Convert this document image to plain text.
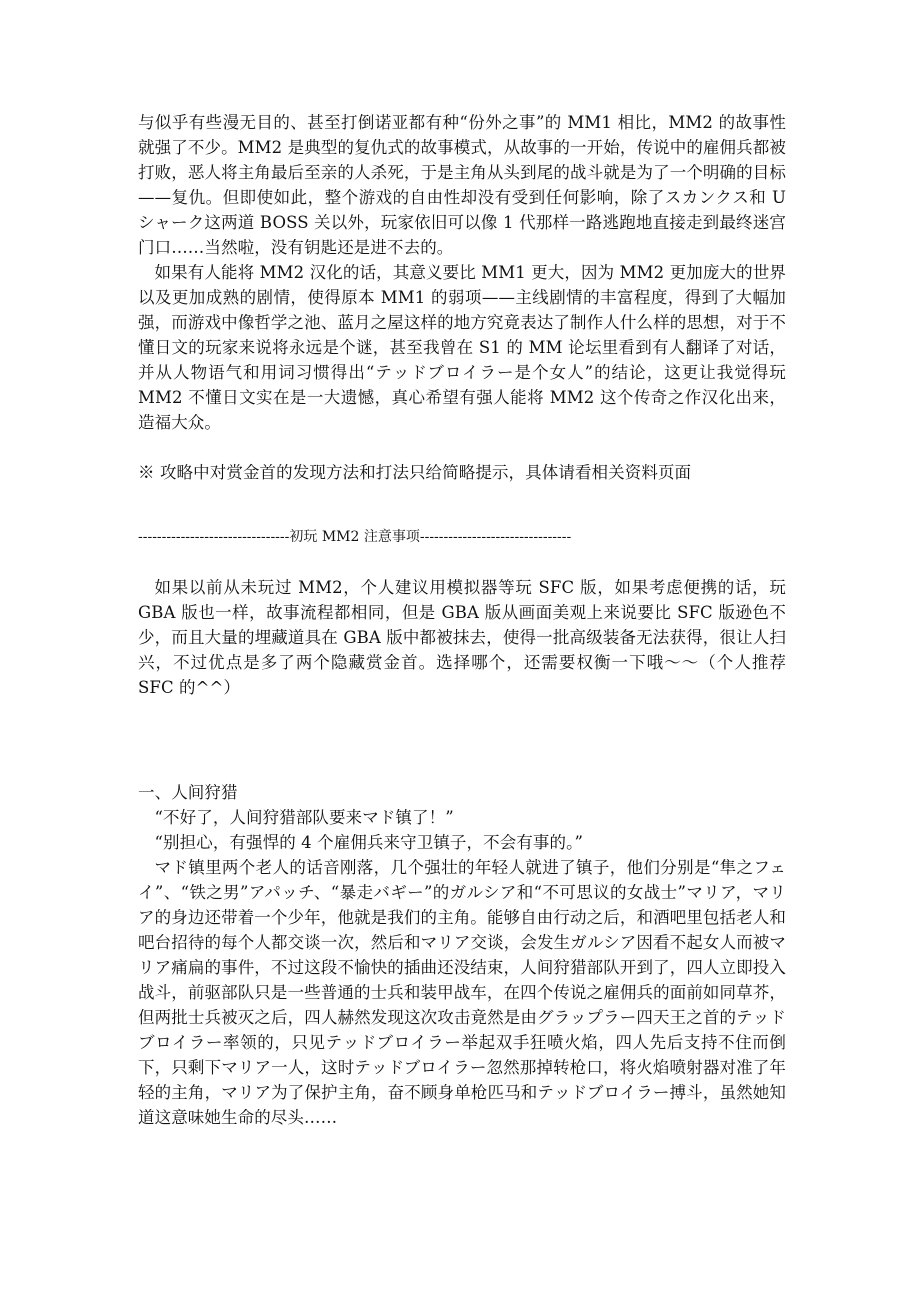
与似乎有些漫无目的、甚至打倒诺亚都有种“份外之事”的 MM1 相比，MM2 的故事性就强了不少。MM2 是典型的复仇式的故事模式，从故事的一开始，传说中的雇佣兵都被打败，恶人将主角最后至亲的人杀死，于是主角从头到尾的战斗就是为了一个明确的目标——复仇。但即使如此，整个游戏的自由性却没有受到任何影响，除了スカンクス和 U シャーク这两道 BOSS 关以外，玩家依旧可以像 1 代那样一路逃跑地直接走到最终迷宫门口……当然啦，没有钥匙还是进不去的。

如果有人能将 MM2 汉化的话，其意义要比 MM1 更大，因为 MM2 更加庞大的世界以及更加成熟的剧情，使得原本 MM1 的弱项——主线剧情的丰富程度，得到了大幅加强，而游戏中像哲学之池、蓝月之屋这样的地方究竟表达了制作人什么样的思想，对于不懂日文的玩家来说将永远是个谜，甚至我曾在 S1 的 MM 论坛里看到有人翻译了对话，并从人物语气和用词习惯得出“テッドブロイラー是个女人”的结论，这更让我觉得玩 MM2 不懂日文实在是一大遗憾，真心希望有强人能将 MM2 这个传奇之作汉化出来，造福大众。

※ 攻略中对赏金首的发现方法和打法只给简略提示，具体请看相关资料页面

--------------------------------初玩 MM2 注意事项--------------------------------

如果以前从未玩过 MM2，个人建议用模拟器等玩 SFC 版，如果考虑便携的话，玩 GBA 版也一样，故事流程都相同，但是 GBA 版从画面美观上来说要比 SFC 版逊色不少，而且大量的埋藏道具在 GBA 版中都被抹去，使得一批高级装备无法获得，很让人扫兴，不过优点是多了两个隐藏赏金首。选择哪个，还需要权衡一下哦～～（个人推荐 SFC 的^^）

一、人间狩猎

“不好了，人间狩猎部队要来マド镇了！”

“别担心，有强悍的 4 个雇佣兵来守卫镇子，不会有事的。”

マド镇里两个老人的话音刚落，几个强壮的年轻人就进了镇子，他们分别是“隼之フェイ”、“铁之男”アパッチ、“暴走バギー”的ガルシア和“不可思议的女战士”マリア，マリア的身边还带着一个少年，他就是我们的主角。能够自由行动之后，和酒吧里包括老人和吧台招待的每个人都交谈一次，然后和マリア交谈，会发生ガルシア因看不起女人而被マリア痛扁的事件，不过这段不愉快的插曲还没结束，人间狩猎部队开到了，四人立即投入战斗，前驱部队只是一些普通的士兵和装甲战车，在四个传说之雇佣兵的面前如同草芥，但两批士兵被灭之后，四人赫然发现这次攻击竟然是由グラップラー四天王之首的テッドブロイラー率领的，只见テッドブロイラー举起双手狂喷火焰，四人先后支持不住而倒下，只剩下マリア一人，这时テッドブロイラー忽然那掉转枪口，将火焰喷射器对准了年轻的主角，マリア为了保护主角，奋不顾身单枪匹马和テッドブロイラー搏斗，虽然她知道这意味她生命的尽头……
